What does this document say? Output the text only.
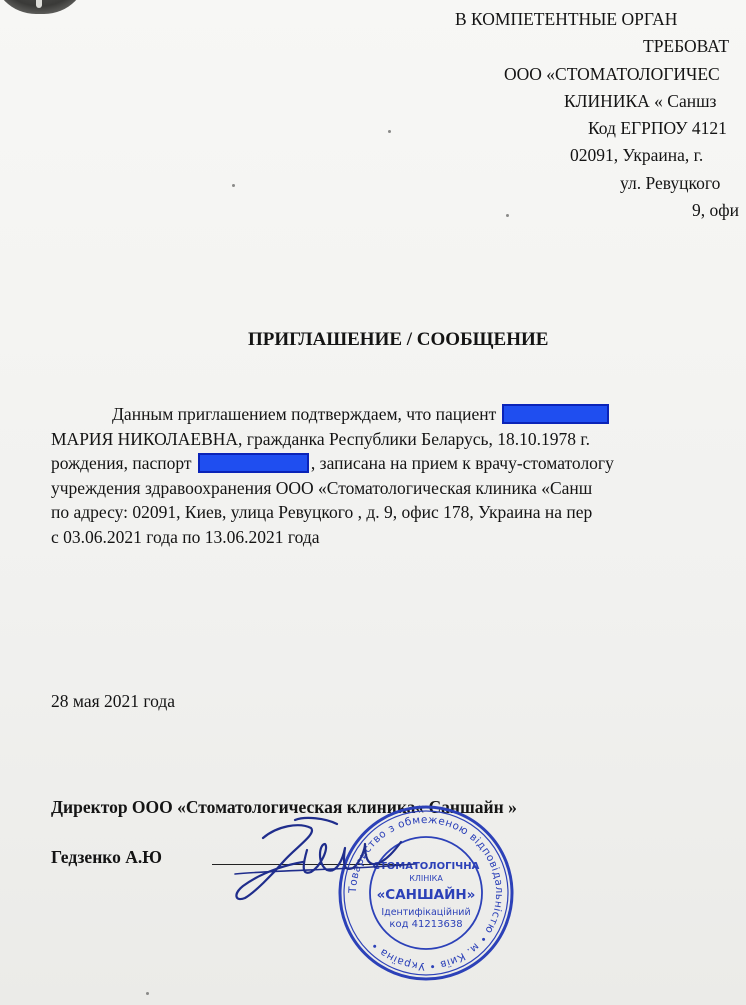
В КОМПЕТЕНТНЫЕ ОРГАН
ТРЕБОВАТ
ООО «СТОМАТОЛОГИЧЕС
КЛИНИКА « Саншз
Код ЕГРПОУ 4121
02091, Украина, г.
ул. Ревуцкого
9, офи
ПРИГЛАШЕНИЕ / СООБЩЕНИЕ
Данным приглашением подтверждаем, что пациент
МАРИЯ НИКОЛАЕВНА, гражданка Республики Беларусь, 18.10.1978 г.
рождения, паспорт	, записана на прием к врачу-стоматологу
учреждения здравоохранения ООО «Стоматологическая клиника «Санш
по адресу: 02091, Киев, улица Ревуцкого , д. 9, офис 178, Украина на пер
с 03.06.2021 года по 13.06.2021 года
28 мая 2021 года
Директор ООО «Стоматологическая клиника« Саншайн »
Гедзенко А.Ю
Товариство з обмеженою відповідальністю • м. Київ • Україна •
СТОМАТОЛОГІЧНА
КЛІНІКА
«САНШАЙН»
Ідентифікаційний
код 41213638
